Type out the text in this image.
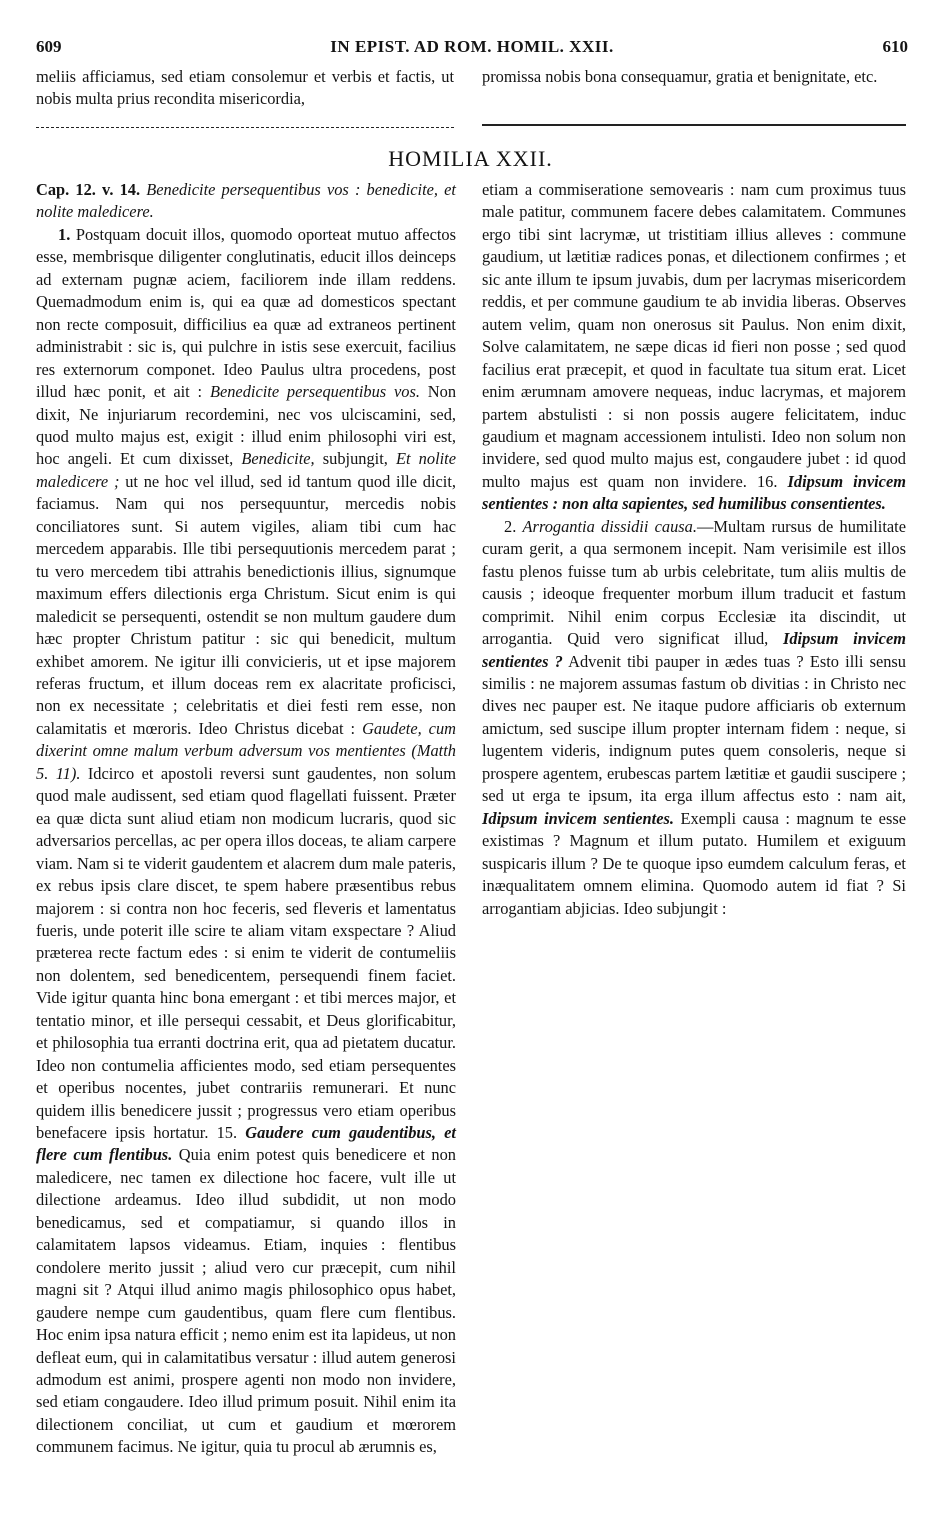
609	IN EPIST. AD ROM. HOMIL. XXII.	610

meliis afficiamus, sed etiam consolemur et verbis et factis, ut nobis multa prius recondita misericordia,

promissa nobis bona consequamur, gratia et benignitate, etc.

HOMILIA XXII.

Cap. 12. v. 14. Benedicite persequentibus vos : benedicite, et nolite maledicere.

1. Postquam docuit illos, quomodo oporteat mutuo affectos esse, membrisque diligenter conglutinatis, educit illos deinceps ad externam pugnæ aciem, faciliorem inde illam reddens. Quemadmodum enim is, qui ea quæ ad domesticos spectant non recte composuit, difficilius ea quæ ad extraneos pertinent administrabit : sic is, qui pulchre in istis sese exercuit, facilius res externorum componet. Ideo Paulus ultra procedens, post illud hæc ponit, et ait : Benedicite persequentibus vos. Non dixit, Ne injuriarum recordemini, nec vos ulciscamini, sed, quod multo majus est, exigit : illud enim philosophi viri est, hoc angeli. Et cum dixisset, Benedicite, subjungit, Et nolite maledicere ; ut ne hoc vel illud, sed id tantum quod ille dicit, faciamus. Nam qui nos persequuntur, mercedis nobis conciliatores sunt. Si autem vigiles, aliam tibi cum hac mercedem apparabis. Ille tibi persequutionis mercedem parat ; tu vero mercedem tibi attrahis benedictionis illius, signumque maximum effers dilectionis erga Christum. Sicut enim is qui maledicit se persequenti, ostendit se non multum gaudere dum hæc propter Christum patitur : sic qui benedicit, multum exhibet amorem. Ne igitur illi convicieris, ut et ipse majorem referas fructum, et illum doceas rem ex alacritate proficisci, non ex necessitate ; celebritatis et diei festi rem esse, non calamitatis et mœroris. Ideo Christus dicebat : Gaudete, cum dixerint omne malum verbum adversum vos mentientes (Matth 5. 11). Idcirco et apostoli reversi sunt gaudentes, non solum quod male audissent, sed etiam quod flagellati fuissent. Præter ea quæ dicta sunt aliud etiam non modicum lucraris, quod sic adversarios percellas, ac per opera illos doceas, te aliam carpere viam. Nam si te viderit gaudentem et alacrem dum male pateris, ex rebus ipsis clare discet, te spem habere præsentibus rebus majorem : si contra non hoc feceris, sed fleveris et lamentatus fueris, unde poterit ille scire te aliam vitam exspectare ? Aliud præterea recte factum edes : si enim te viderit de contumeliis non dolentem, sed benedicentem, persequendi finem faciet. Vide igitur quanta hinc bona emergant : et tibi merces major, et tentatio minor, et ille persequi cessabit, et Deus glorificabitur, et philosophia tua erranti doctrina erit, qua ad pietatem ducatur. Ideo non contumelia afficientes modo, sed etiam persequentes et operibus nocentes, jubet contrariis remunerari. Et nunc quidem illis benedicere jussit ; progressus vero etiam operibus benefacere ipsis hortatur. 15. Gaudere cum gaudentibus, et flere cum flentibus. Quia enim potest quis benedicere et non maledicere, nec tamen ex dilectione hoc facere, vult ille ut dilectione ardeamus. Ideo illud subdidit, ut non modo benedicamus, sed et compatiamur, si quando illos in calamitatem lapsos videamus. Etiam, inquies : flentibus condolere merito jussit ; aliud vero cur præcepit, cum nihil magni sit ? Atqui illud animo magis philosophico opus habet, gaudere nempe cum gaudentibus, quam flere cum flentibus. Hoc enim ipsa natura efficit ; nemo enim est ita lapideus, ut non defleat eum, qui in calamitatibus versatur : illud autem generosi admodum est animi, prospere agenti non modo non invidere, sed etiam congaudere. Ideo illud primum posuit. Nihil enim ita dilectionem conciliat, ut cum et gaudium et mœrorem communem facimus. Ne igitur, quia tu procul ab ærumnis es,

etiam a commiseratione semovearis : nam cum proximus tuus male patitur, communem facere debes calamitatem. Communes ergo tibi sint lacrymæ, ut tristitiam illius alleves : commune gaudium, ut lætitiæ radices ponas, et dilectionem confirmes ; et sic ante illum te ipsum juvabis, dum per lacrymas misericordem reddis, et per commune gaudium te ab invidia liberas. Observes autem velim, quam non onerosus sit Paulus. Non enim dixit, Solve calamitatem, ne sæpe dicas id fieri non posse ; sed quod facilius erat præcepit, et quod in facultate tua situm erat. Licet enim ærumnam amovere nequeas, induc lacrymas, et majorem partem abstulisti : si non possis augere felicitatem, induc gaudium et magnam accessionem intulisti. Ideo non solum non invidere, sed quod multo majus est, congaudere jubet : id quod multo majus est quam non invidere. 16. Idipsum invicem sentientes : non alta sapientes, sed humilibus consentientes.

2. Arrogantia dissidii causa.—Multam rursus de humilitate curam gerit, a qua sermonem incepit. Nam verisimile est illos fastu plenos fuisse tum ab urbis celebritate, tum aliis multis de causis ; ideoque frequenter morbum illum traducit et fastum comprimit. Nihil enim corpus Ecclesiæ ita discindit, ut arrogantia. Quid vero significat illud, Idipsum invicem sentientes ? Advenit tibi pauper in ædes tuas ? Esto illi sensu similis : ne majorem assumas fastum ob divitias : in Christo nec dives nec pauper est. Ne itaque pudore afficiaris ob externum amictum, sed suscipe illum propter internam fidem : neque, si lugentem videris, indignum putes quem consoleris, neque si prospere agentem, erubescas partem lætitiæ et gaudii suscipere ; sed ut erga te ipsum, ita erga illum affectus esto : nam ait, Idipsum invicem sentientes. Exempli causa : magnum te esse existimas ? Magnum et illum putato. Humilem et exiguum suspicaris illum ? De te quoque ipso eumdem calculum feras, et inæqualitatem omnem elimina. Quomodo autem id fiat ? Si arrogantiam abjicias. Ideo subjungit :
